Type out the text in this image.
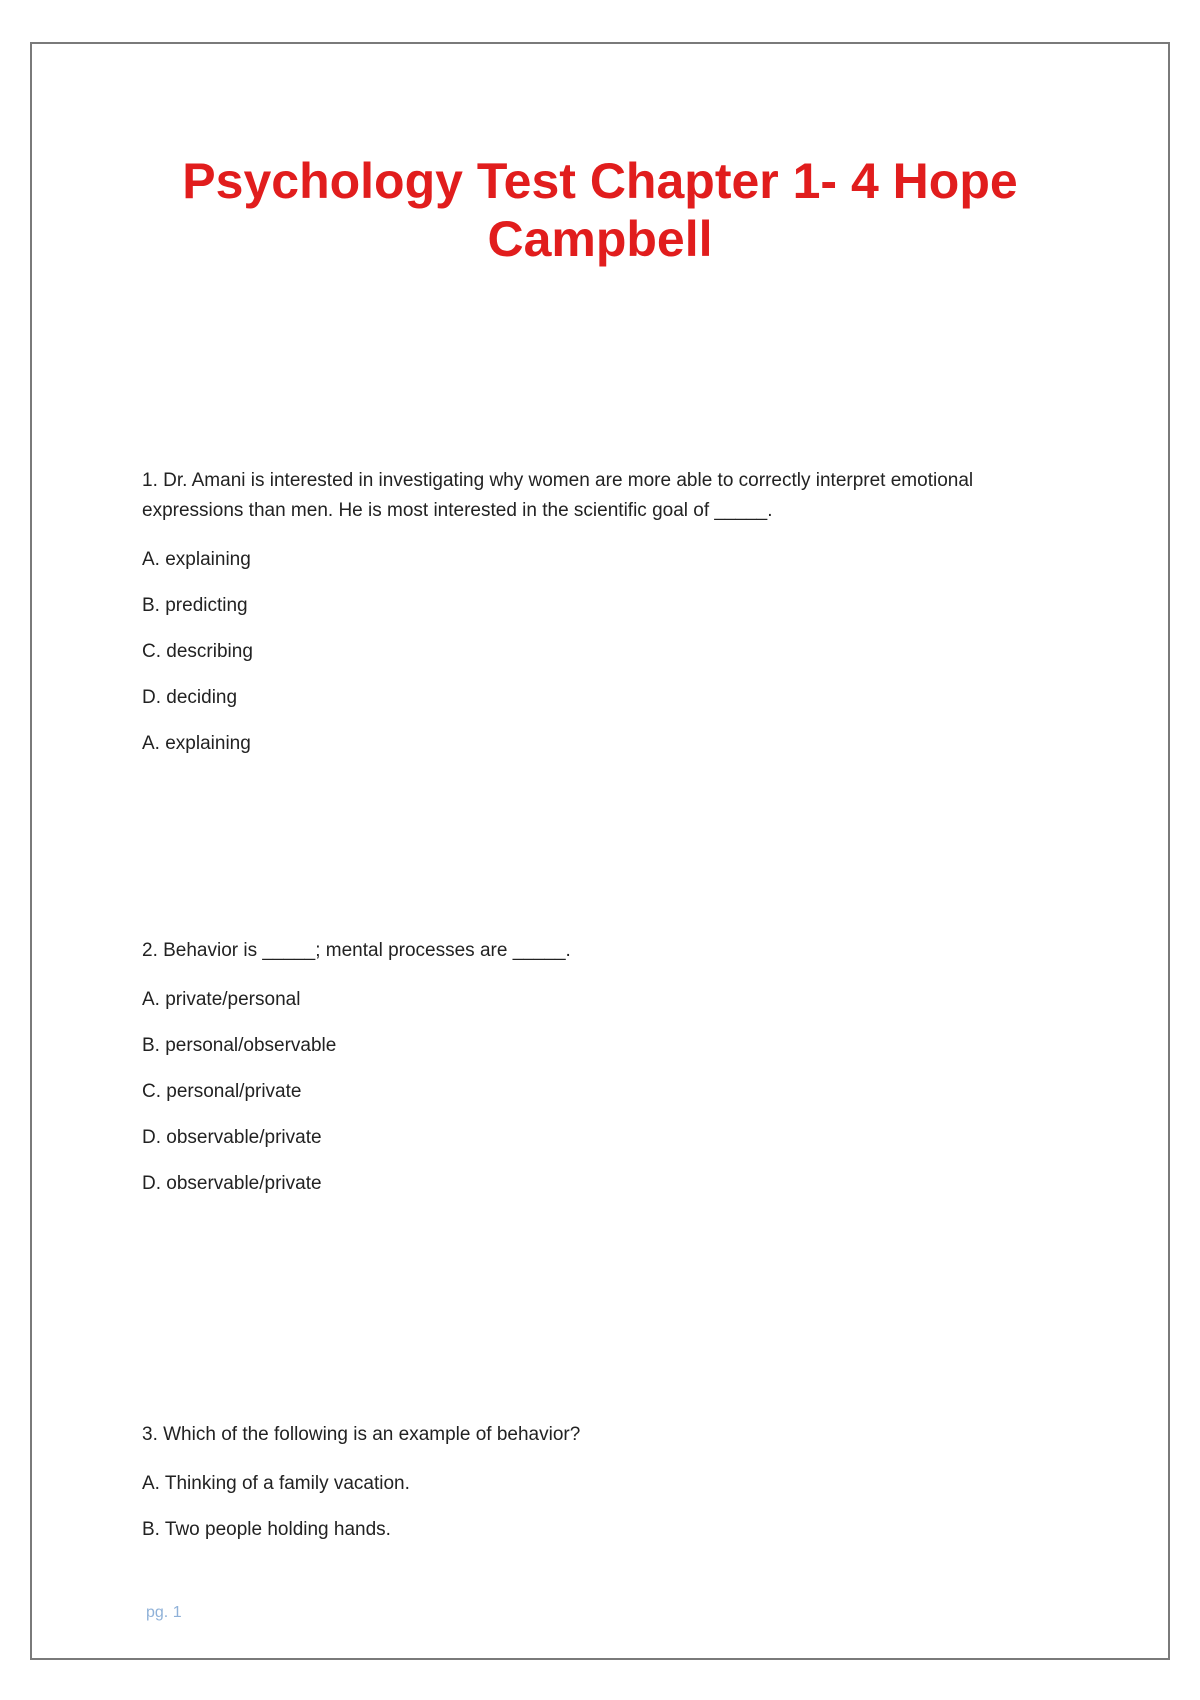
Psychology Test Chapter 1- 4 Hope
Campbell

1. Dr. Amani is interested in investigating why women are more able to correctly interpret emotional expressions than men. He is most interested in the scientific goal of _____.

A. explaining
B. predicting
C. describing
D. deciding
A. explaining

2. Behavior is _____; mental processes are _____.

A. private/personal
B. personal/observable
C. personal/private
D. observable/private
D. observable/private

3. Which of the following is an example of behavior?

A. Thinking of a family vacation.
B. Two people holding hands.
pg. 1
